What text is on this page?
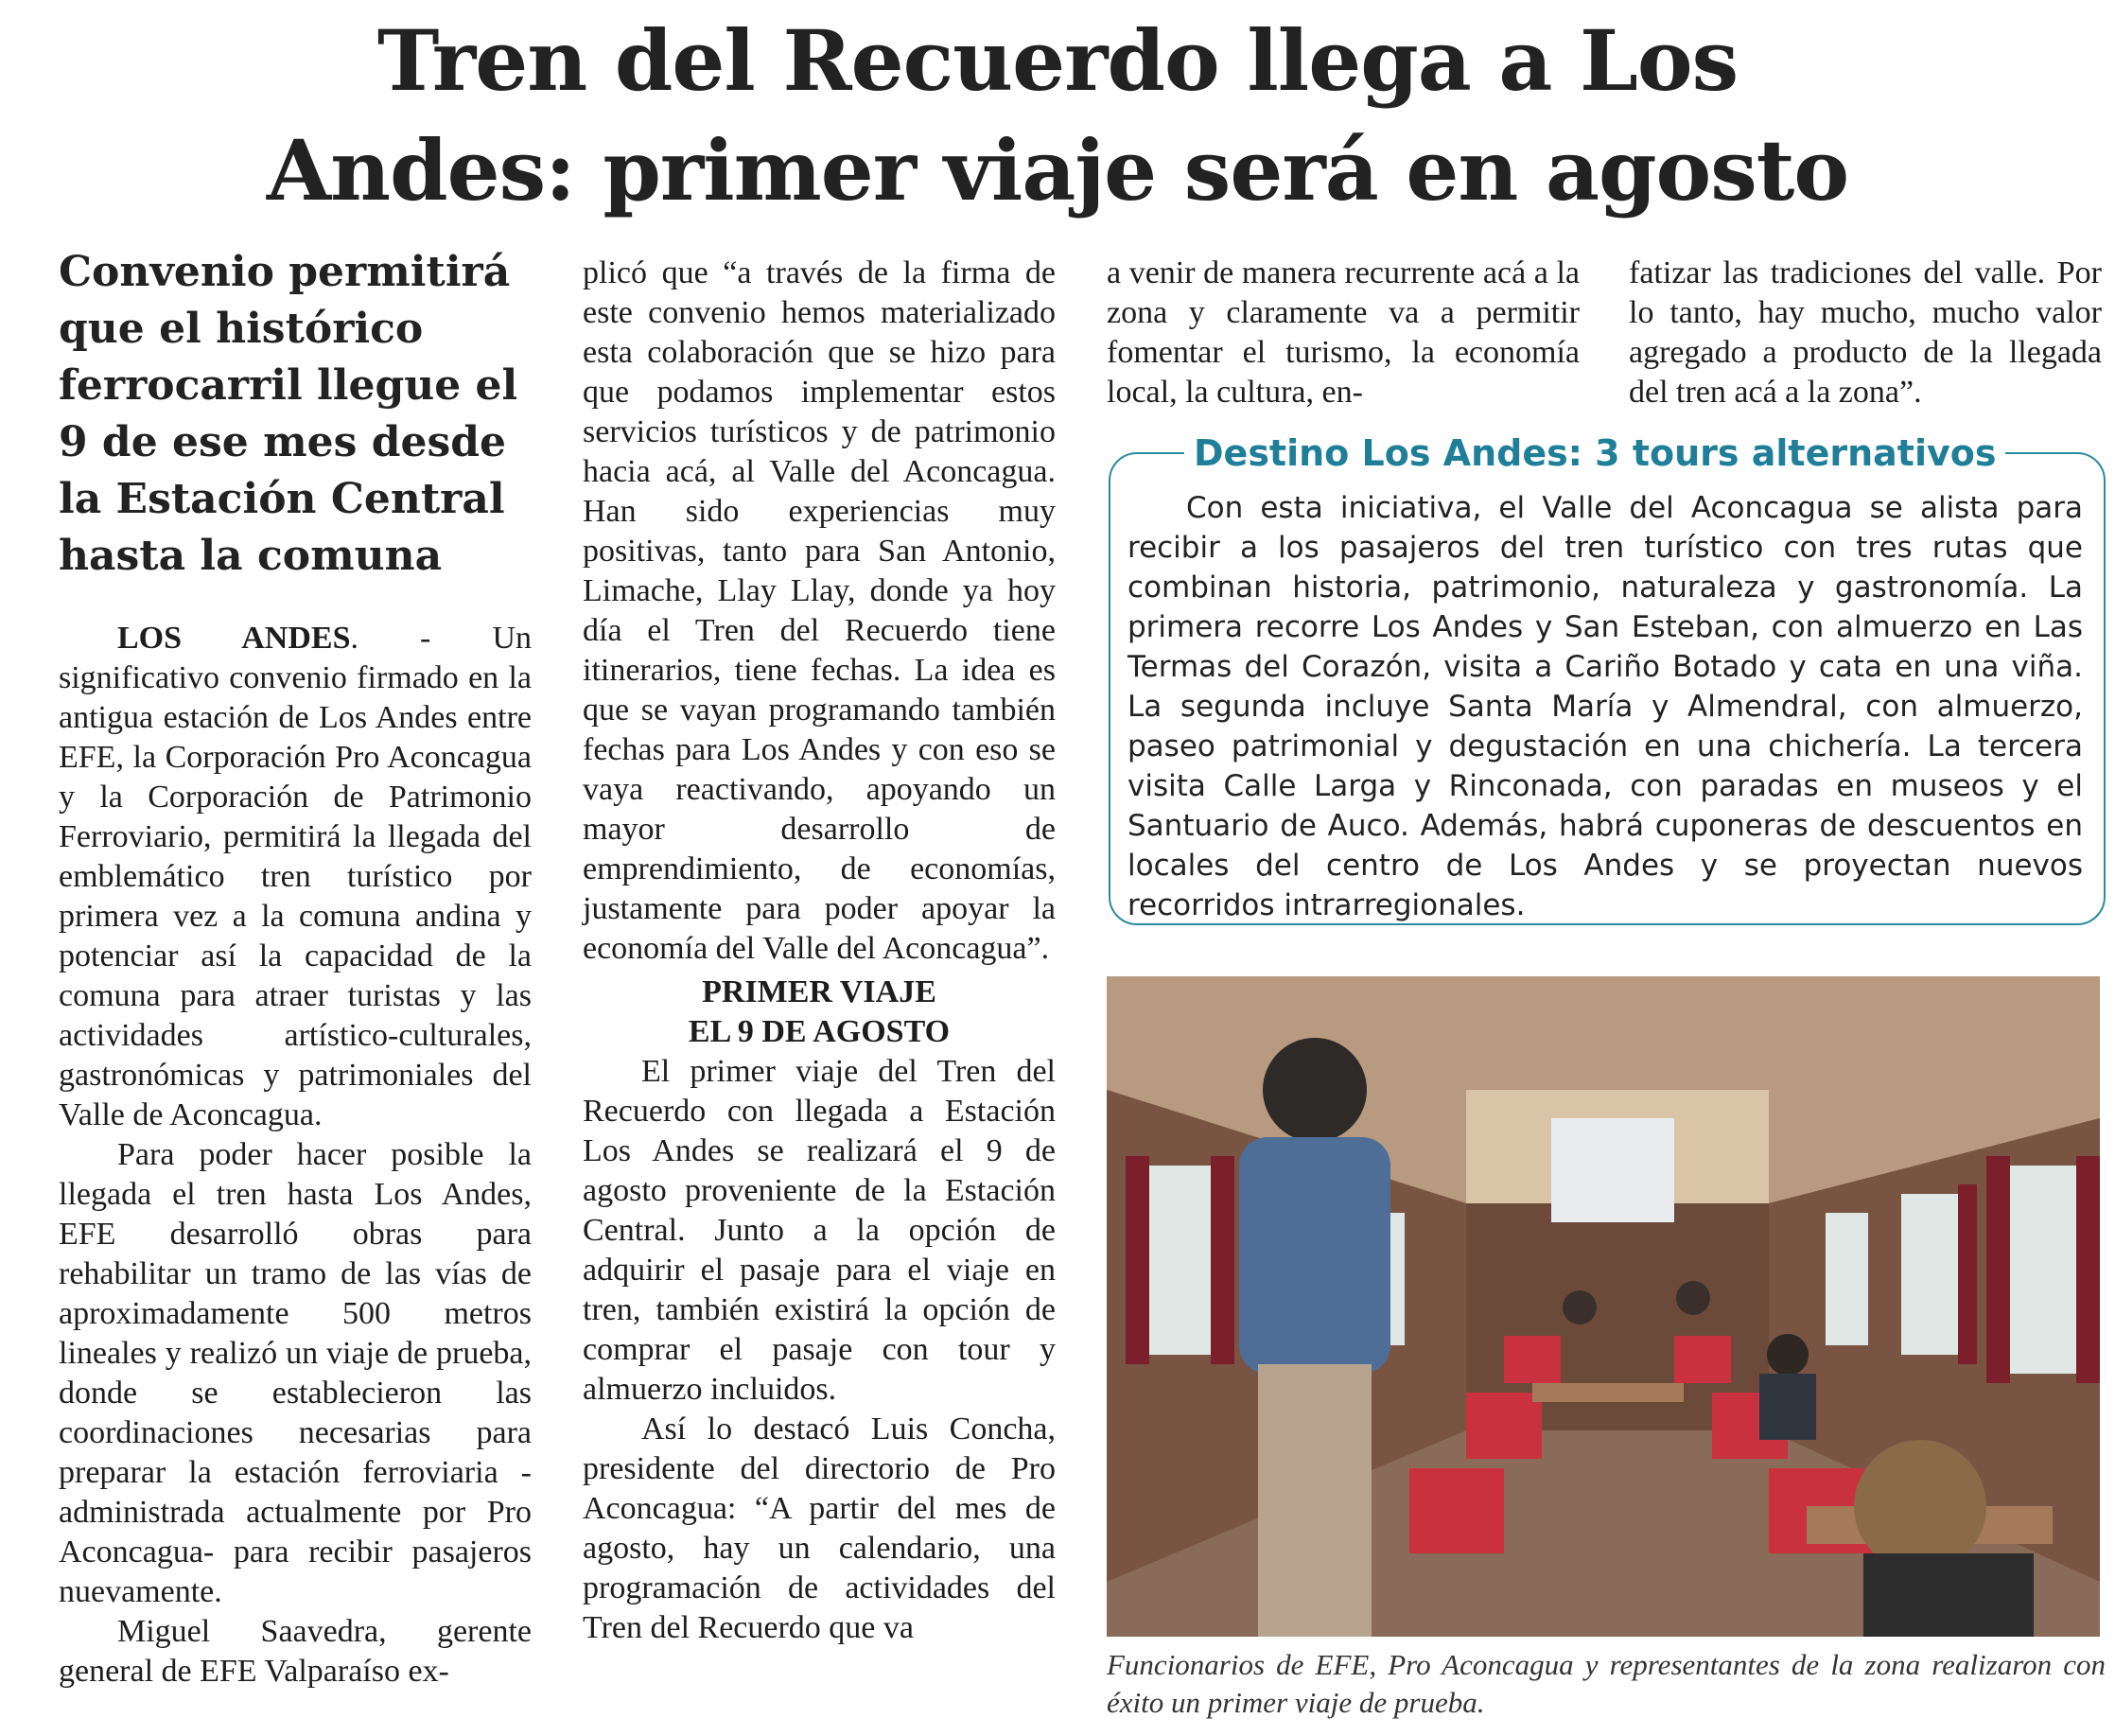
Tren del Recuerdo llega a Los
Andes: primer viaje será en agosto
Convenio permitirá que el histórico ferrocarril llegue el 9 de ese mes desde la Estación Central hasta la comuna

LOS ANDES. - Un significativo convenio firmado en la antigua estación de Los Andes entre EFE, la Corporación Pro Aconcagua y la Corporación de Patrimonio Ferroviario, permitirá la llegada del emblemático tren turístico por primera vez a la comuna andina y potenciar así la capacidad de la comuna para atraer turistas y las actividades artístico-culturales, gastronómicas y patrimoniales del Valle de Aconcagua.

Para poder hacer posible la llegada el tren hasta Los Andes, EFE desarrolló obras para rehabilitar un tramo de las vías de aproximadamente 500 metros lineales y realizó un viaje de prueba, donde se establecieron las coordinaciones necesarias para preparar la estación ferroviaria -administrada actualmente por Pro Aconcagua- para recibir pasajeros nuevamente.

Miguel Saavedra, gerente general de EFE Valparaíso ex-

plicó que “a través de la firma de este convenio hemos materializado esta colaboración que se hizo para que podamos implementar estos servicios turísticos y de patrimonio hacia acá, al Valle del Aconcagua. Han sido experiencias muy positivas, tanto para San Antonio, Limache, Llay Llay, donde ya hoy día el Tren del Recuerdo tiene itinerarios, tiene fechas. La idea es que se vayan programando también fechas para Los Andes y con eso se vaya reactivando, apoyando un mayor desarrollo de emprendimiento, de economías, justamente para poder apoyar la economía del Valle del Aconcagua”.

PRIMER VIAJE
EL 9 DE AGOSTO

El primer viaje del Tren del Recuerdo con llegada a Estación Los Andes se realizará el 9 de agosto proveniente de la Estación Central. Junto a la opción de adquirir el pasaje para el viaje en tren, también existirá la opción de comprar el pasaje con tour y almuerzo incluidos.

Así lo destacó Luis Concha, presidente del directorio de Pro Aconcagua: “A partir del mes de agosto, hay un calendario, una programación de actividades del Tren del Recuerdo que va

a venir de manera recurrente acá a la zona y claramente va a permitir fomentar el turismo, la economía local, la cultura, en-

fatizar las tradiciones del valle. Por lo tanto, hay mucho, mucho valor agregado a producto de la llegada del tren acá a la zona”.

Destino Los Andes: 3 tours alternativos
Con esta iniciativa, el Valle del Aconcagua se alista para recibir a los pasajeros del tren turístico con tres rutas que combinan historia, patrimonio, naturaleza y gastronomía. La primera recorre Los Andes y San Esteban, con almuerzo en Las Termas del Corazón, visita a Cariño Botado y cata en una viña. La segunda incluye Santa María y Almendral, con almuerzo, paseo patrimonial y degustación en una chichería. La tercera visita Calle Larga y Rinconada, con paradas en museos y el Santuario de Auco. Además, habrá cuponeras de descuentos en locales del centro de Los Andes y se proyectan nuevos recorridos intrarregionales.
Funcionarios de EFE, Pro Aconcagua y representantes de la zona realizaron con éxito un primer viaje de prueba.
